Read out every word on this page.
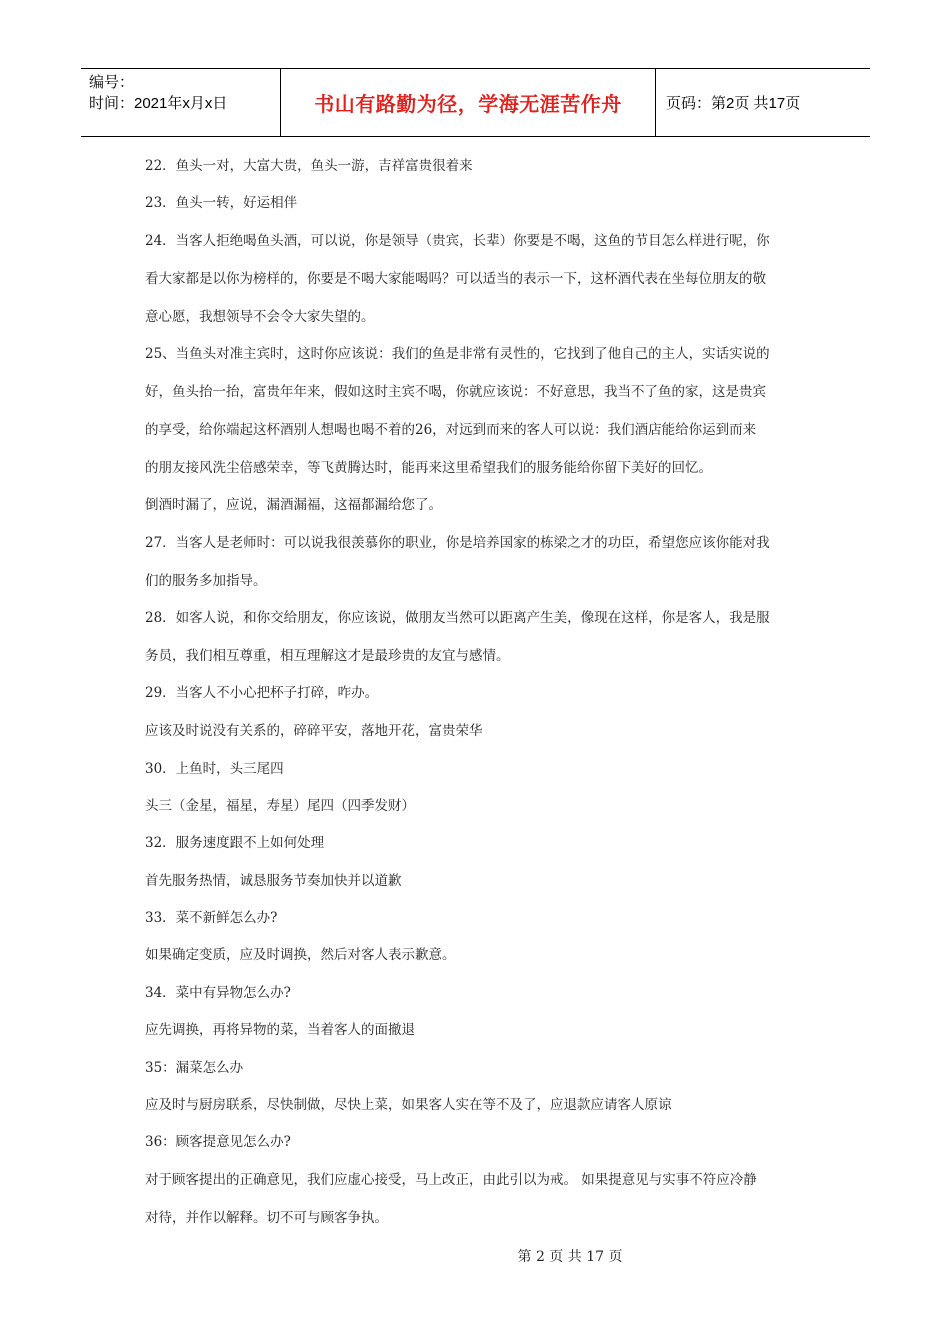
编号：
时间：2021年x月x日	书山有路勤为径，学海无涯苦作舟	页码：第2页 共17页
22．鱼头一对，大富大贵，鱼头一游，吉祥富贵很着来
23．鱼头一转，好运相伴
24．当客人拒绝喝鱼头酒，可以说，你是领导（贵宾，长辈）你要是不喝，这鱼的节目怎么样进行呢，你
看大家都是以你为榜样的，你要是不喝大家能喝吗？可以适当的表示一下，这杯酒代表在坐每位朋友的敬
意心愿，我想领导不会令大家失望的。
25、当鱼头对准主宾时，这时你应该说：我们的鱼是非常有灵性的，它找到了他自己的主人，实话实说的
好，鱼头抬一抬，富贵年年来，假如这时主宾不喝，你就应该说：不好意思，我当不了鱼的家，这是贵宾
的享受，给你端起这杯酒别人想喝也喝不着的26，对远到而来的客人可以说：我们酒店能给你运到而来
的朋友接风洗尘倍感荣幸，等飞黄腾达时，能再来这里希望我们的服务能给你留下美好的回忆。
倒酒时漏了，应说，漏酒漏福，这福都漏给您了。
27．当客人是老师时：可以说我很羡慕你的职业，你是培养国家的栋梁之才的功臣，希望您应该你能对我
们的服务多加指导。
28．如客人说，和你交给朋友，你应该说，做朋友当然可以距离产生美，像现在这样，你是客人，我是服
务员，我们相互尊重，相互理解这才是最珍贵的友宜与感情。
29．当客人不小心把杯子打碎，咋办。
应该及时说没有关系的，碎碎平安，落地开花，富贵荣华
30．上鱼时，头三尾四
头三（金星，福星，寿星）尾四（四季发财）
32．服务速度跟不上如何处理
首先服务热情，诚恳服务节奏加快并以道歉
33．菜不新鲜怎么办?
如果确定变质，应及时调换，然后对客人表示歉意。
34．菜中有异物怎么办?
应先调换，再将异物的菜，当着客人的面撤退
35：漏菜怎么办
应及时与厨房联系，尽快制做，尽快上菜，如果客人实在等不及了，应退款应请客人原谅
36：顾客提意见怎么办?
对于顾客提出的正确意见，我们应虚心接受，马上改正，由此引以为戒。 如果提意见与实事不符应冷静
对待，并作以解释。切不可与顾客争执。
第 2 页 共 17 页
